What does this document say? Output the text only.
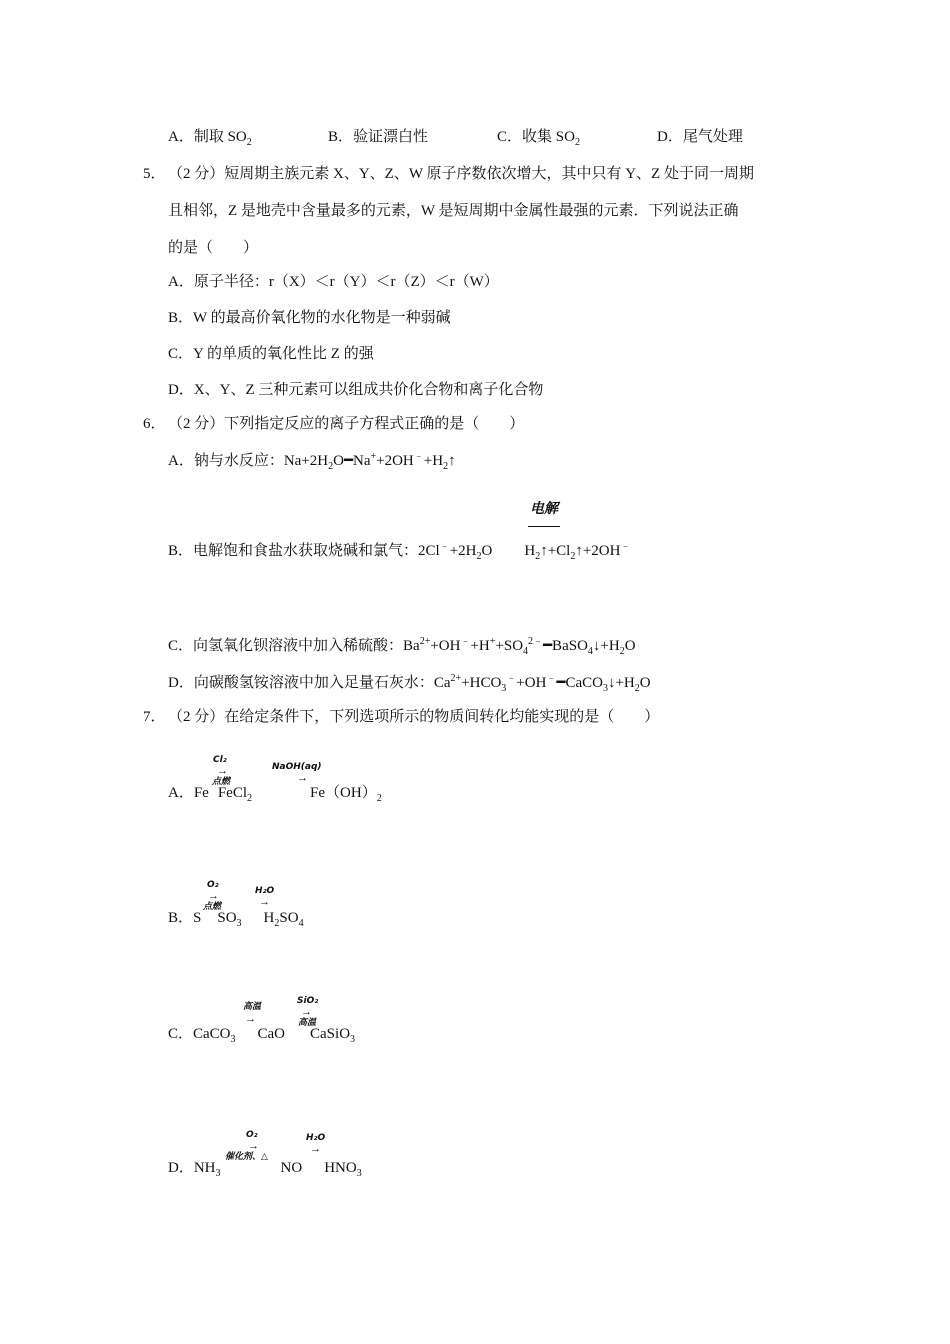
A．制取 $SO_2$	B．验证漂白性	C．收集 $SO_2$	D．尾气处理
5． （2 分）短周期主族元素 X、Y、Z、W 原子序数依次增大，其中只有 Y、Z 处于同一周期
且相邻，Z 是地壳中含量最多的元素，W 是短周期中金属性最强的元素．下列说法正确
的是（　　）
A．原子半径：r（X）＜r（Y）＜r（Z）＜r（W）
B．W 的最高价氧化物的水化物是一种弱碱
C．Y 的单质的氧化性比 Z 的强
D．X、Y、Z 三种元素可以组成共价化合物和离子化合物
6． （2 分）下列指定反应的离子方程式正确的是（　　）
A．钠与水反应：$Na+2H_2O━Na^++2OH^﹣+H_2↑$
电解
B．电解饱和食盐水获取烧碱和氯气：$2Cl^﹣+2H_2O$ $H_2↑+Cl_2↑+2OH^﹣$
C．向氢氧化钡溶液中加入稀硫酸：$Ba^{2+}+OH^﹣+H^++SO_4^{2﹣}━BaSO_4↓+H_2O$
D．向碳酸氢铵溶液中加入足量石灰水：$Ca^{2+}+HCO_3^﹣+OH^﹣━CaCO_3↓+H_2O$
7． （2 分）在给定条件下，下列选项所示的物质间转化均能实现的是（　　）
Cl₂
→
点燃
NaOH(aq)
→
A．Fe FeCl$_2$	$Fe(OH)_2$
O₂
→
点燃
H₂O
→
B．S $SO_3$ $H_2SO_4$
高温
→
SiO₂
→
高温
C．CaCO$_3$ CaO CaSiO$_3$
O₂
→
催化剂、△
H₂O
→
D．$NH_3$	NO $HNO_3$
